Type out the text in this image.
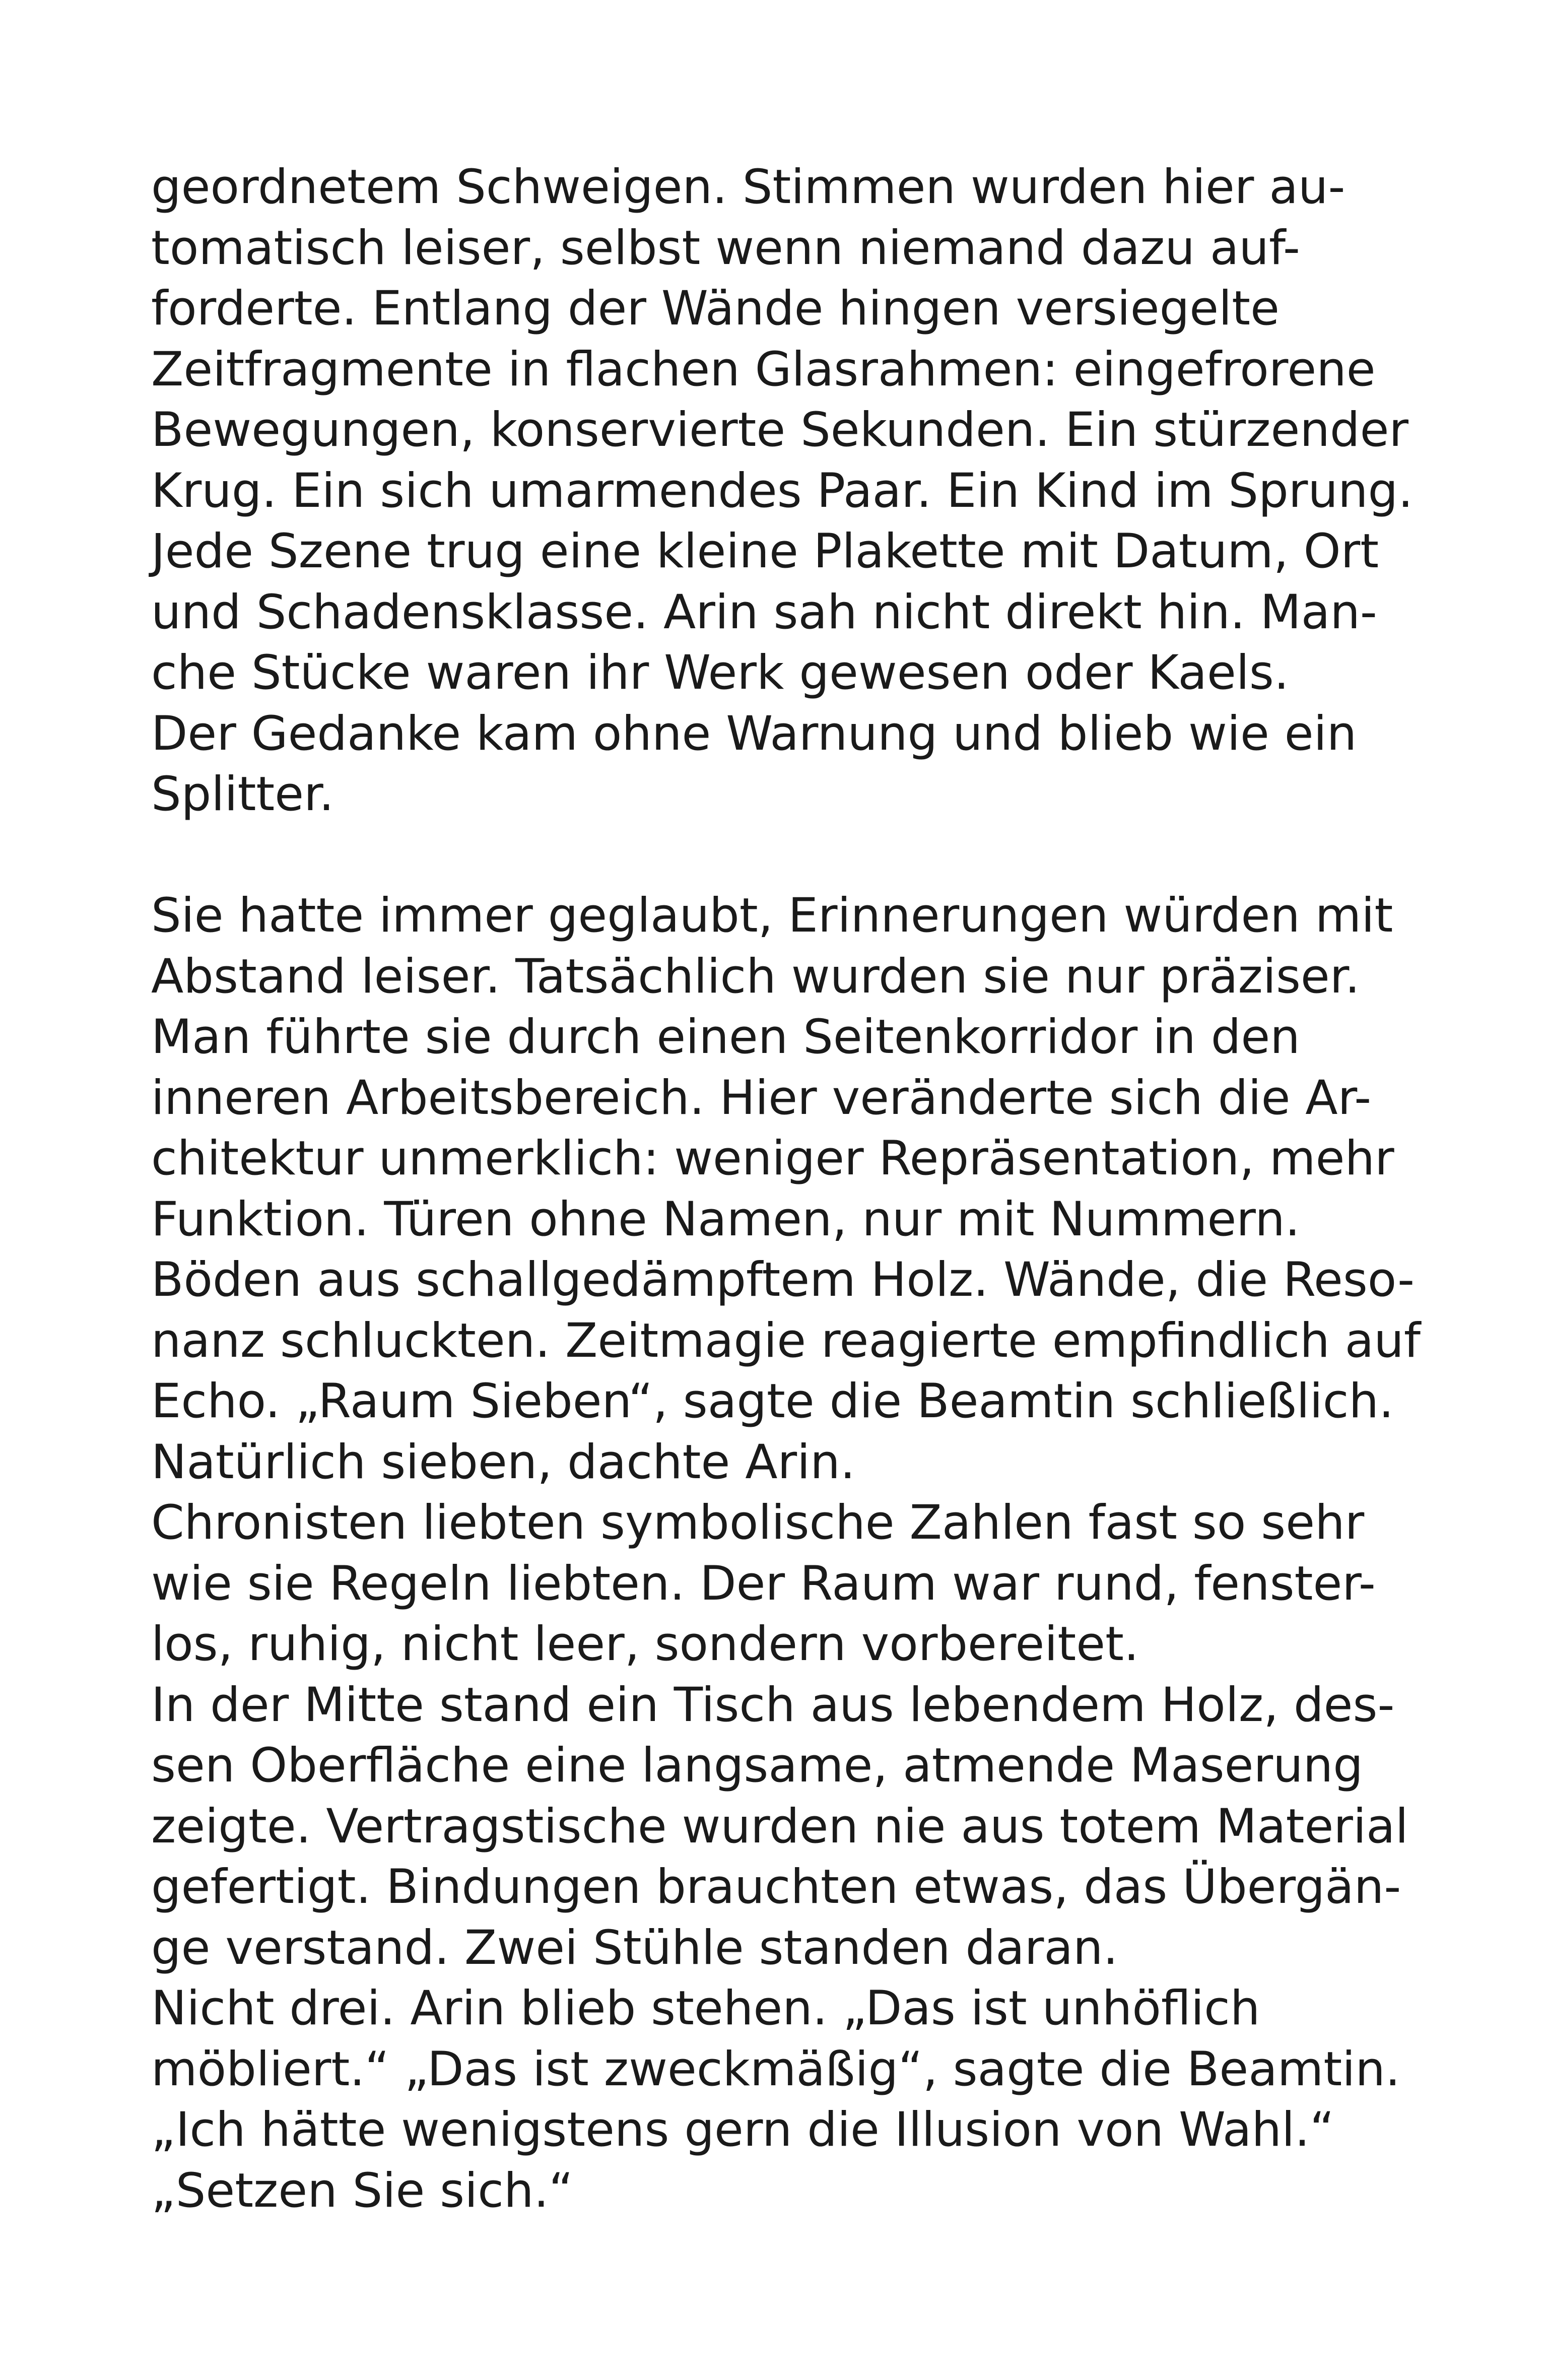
geordnetem Schweigen. Stimmen wurden hier au-
tomatisch leiser, selbst wenn niemand dazu auf-
forderte. Entlang der Wände hingen versiegelte
Zeitfragmente in flachen Glasrahmen: eingefrorene
Bewegungen, konservierte Sekunden. Ein stürzender
Krug. Ein sich umarmendes Paar. Ein Kind im Sprung.
Jede Szene trug eine kleine Plakette mit Datum, Ort
und Schadensklasse. Arin sah nicht direkt hin. Man-
che Stücke waren ihr Werk gewesen oder Kaels.
Der Gedanke kam ohne Warnung und blieb wie ein
Splitter.
Sie hatte immer geglaubt, Erinnerungen würden mit
Abstand leiser. Tatsächlich wurden sie nur präziser.
Man führte sie durch einen Seitenkorridor in den
inneren Arbeitsbereich. Hier veränderte sich die Ar-
chitektur unmerklich: weniger Repräsentation, mehr
Funktion. Türen ohne Namen, nur mit Nummern.
Böden aus schallgedämpftem Holz. Wände, die Reso-
nanz schluckten. Zeitmagie reagierte empfindlich auf
Echo. „Raum Sieben“, sagte die Beamtin schließlich.
Natürlich sieben, dachte Arin.
Chronisten liebten symbolische Zahlen fast so sehr
wie sie Regeln liebten. Der Raum war rund, fenster-
los, ruhig, nicht leer, sondern vorbereitet.
In der Mitte stand ein Tisch aus lebendem Holz, des-
sen Oberfläche eine langsame, atmende Maserung
zeigte. Vertragstische wurden nie aus totem Material
gefertigt. Bindungen brauchten etwas, das Übergän-
ge verstand. Zwei Stühle standen daran.
Nicht drei. Arin blieb stehen. „Das ist unhöflich
möbliert.“ „Das ist zweckmäßig“, sagte die Beamtin.
„Ich hätte wenigstens gern die Illusion von Wahl.“
„Setzen Sie sich.“
